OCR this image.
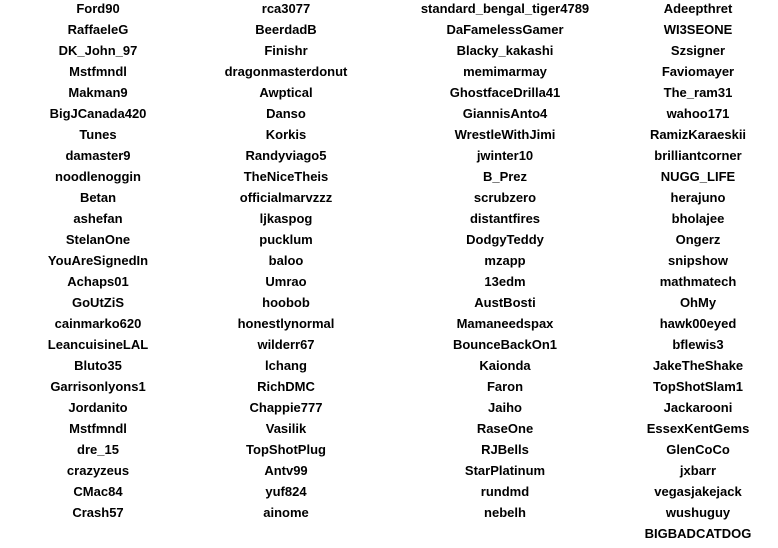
Ford90
RaffaeleG
DK_John_97
Mstfmndl
Makman9
BigJCanada420
Tunes
damaster9
noodlenoggin
Betan
ashefan
StelanOne
YouAreSignedIn
Achaps01
GoUtZiS
cainmarko620
LeancuisineLAL
Bluto35
Garrisonlyons1
Jordanito
Mstfmndl
dre_15
crazyzeus
CMac84
Crash57
rca3077
BeerdadB
Finishr
dragonmasterdonut
Awptical
Danso
Korkis
Randyviago5
TheNiceTheis
officialmarvzzz
ljkaspog
pucklum
baloo
Umrao
hoobob
honestlynormal
wilderr67
lchang
RichDMC
Chappie777
Vasilik
TopShotPlug
Antv99
yuf824
ainome
standard_bengal_tiger4789
DaFamelessGamer
Blacky_kakashi
memimarmay
GhostfaceDrilla41
GiannisAnto4
WrestleWithJimi
jwinter10
B_Prez
scrubzero
distantfires
DodgyTeddy
mzapp
13edm
AustBosti
Mamaneedspax
BounceBackOn1
Kaionda
Faron
Jaiho
RaseOne
RJBells
StarPlatinum
rundmd
nebelh
Adeepthret
WI3SEONE
Szsigner
Faviomayer
The_ram31
wahoo171
RamizKaraeskii
brilliantcorner
NUGG_LIFE
herajuno
bholajee
Ongerz
snipshow
mathmatech
OhMy
hawk00eyed
bflewis3
JakeTheShake
TopShotSlam1
Jackarooni
EssexKentGems
GlenCoCo
jxbarr
vegasjakejack
wushuguy
BIGBADCATDOG
